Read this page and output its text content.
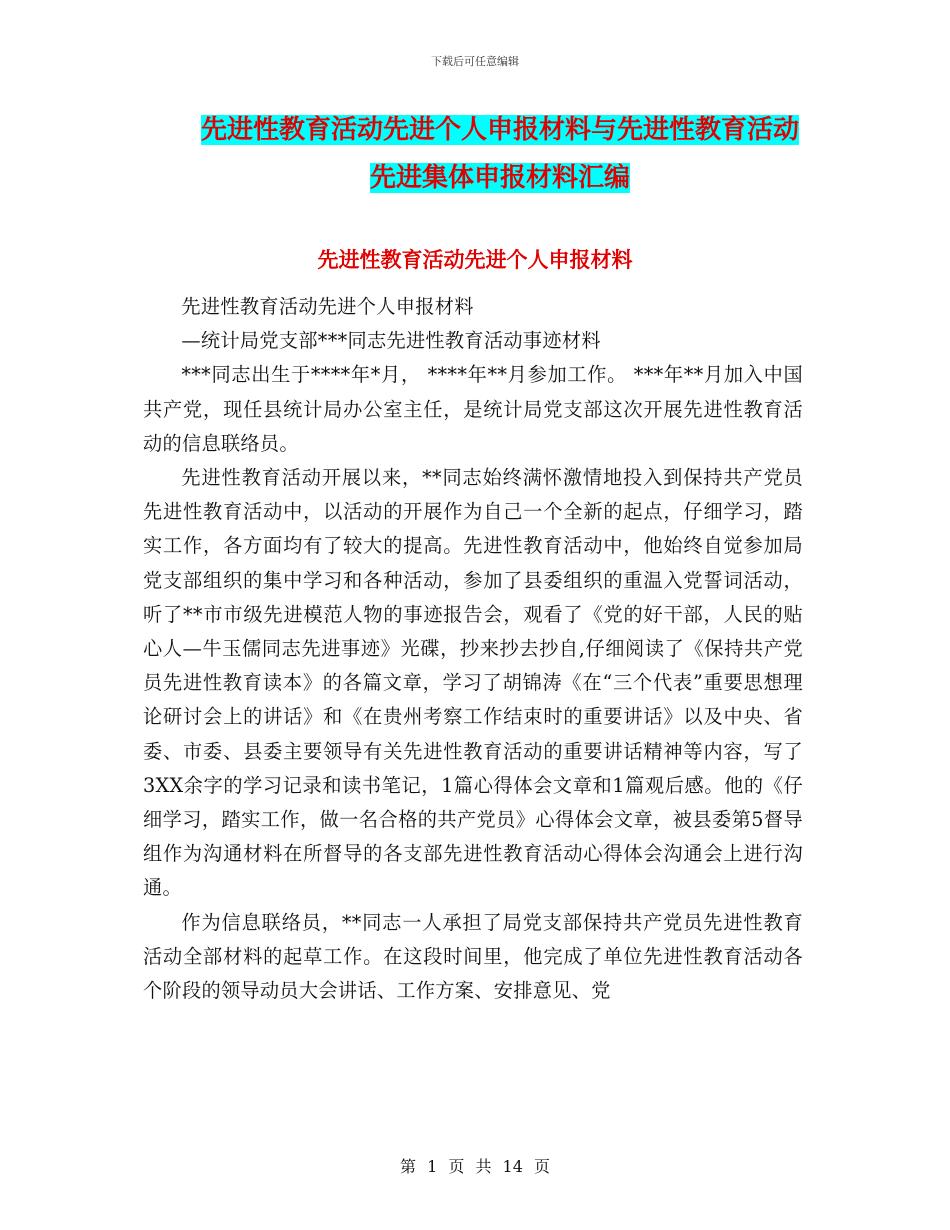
下载后可任意编辑
先进性教育活动先进个人申报材料与先进性教育活动
先进集体申报材料汇编
先进性教育活动先进个人申报材料

先进性教育活动先进个人申报材料

—统计局党支部***同志先进性教育活动事迹材料

***同志出生于****年*月， ****年**月参加工作。 ***年**月加入中国共产党，现任县统计局办公室主任，是统计局党支部这次开展先进性教育活动的信息联络员。

先进性教育活动开展以来，**同志始终满怀激情地投入到保持共产党员先进性教育活动中，以活动的开展作为自己一个全新的起点，仔细学习，踏实工作，各方面均有了较大的提高。先进性教育活动中，他始终自觉参加局党支部组织的集中学习和各种活动，参加了县委组织的重温入党誓词活动，听了**市市级先进模范人物的事迹报告会，观看了《党的好干部，人民的贴心人—牛玉儒同志先进事迹》光碟，抄来抄去抄自,仔细阅读了《保持共产党员先进性教育读本》的各篇文章，学习了胡锦涛《在“三个代表”重要思想理论研讨会上的讲话》和《在贵州考察工作结束时的重要讲话》以及中央、省委、市委、县委主要领导有关先进性教育活动的重要讲话精神等内容，写了3XX余字的学习记录和读书笔记，1篇心得体会文章和1篇观后感。他的《仔细学习，踏实工作，做一名合格的共产党员》心得体会文章，被县委第5督导组作为沟通材料在所督导的各支部先进性教育活动心得体会沟通会上进行沟通。

作为信息联络员，**同志一人承担了局党支部保持共产党员先进性教育活动全部材料的起草工作。在这段时间里，他完成了单位先进性教育活动各个阶段的领导动员大会讲话、工作方案、安排意见、党

第 1 页 共 14 页
